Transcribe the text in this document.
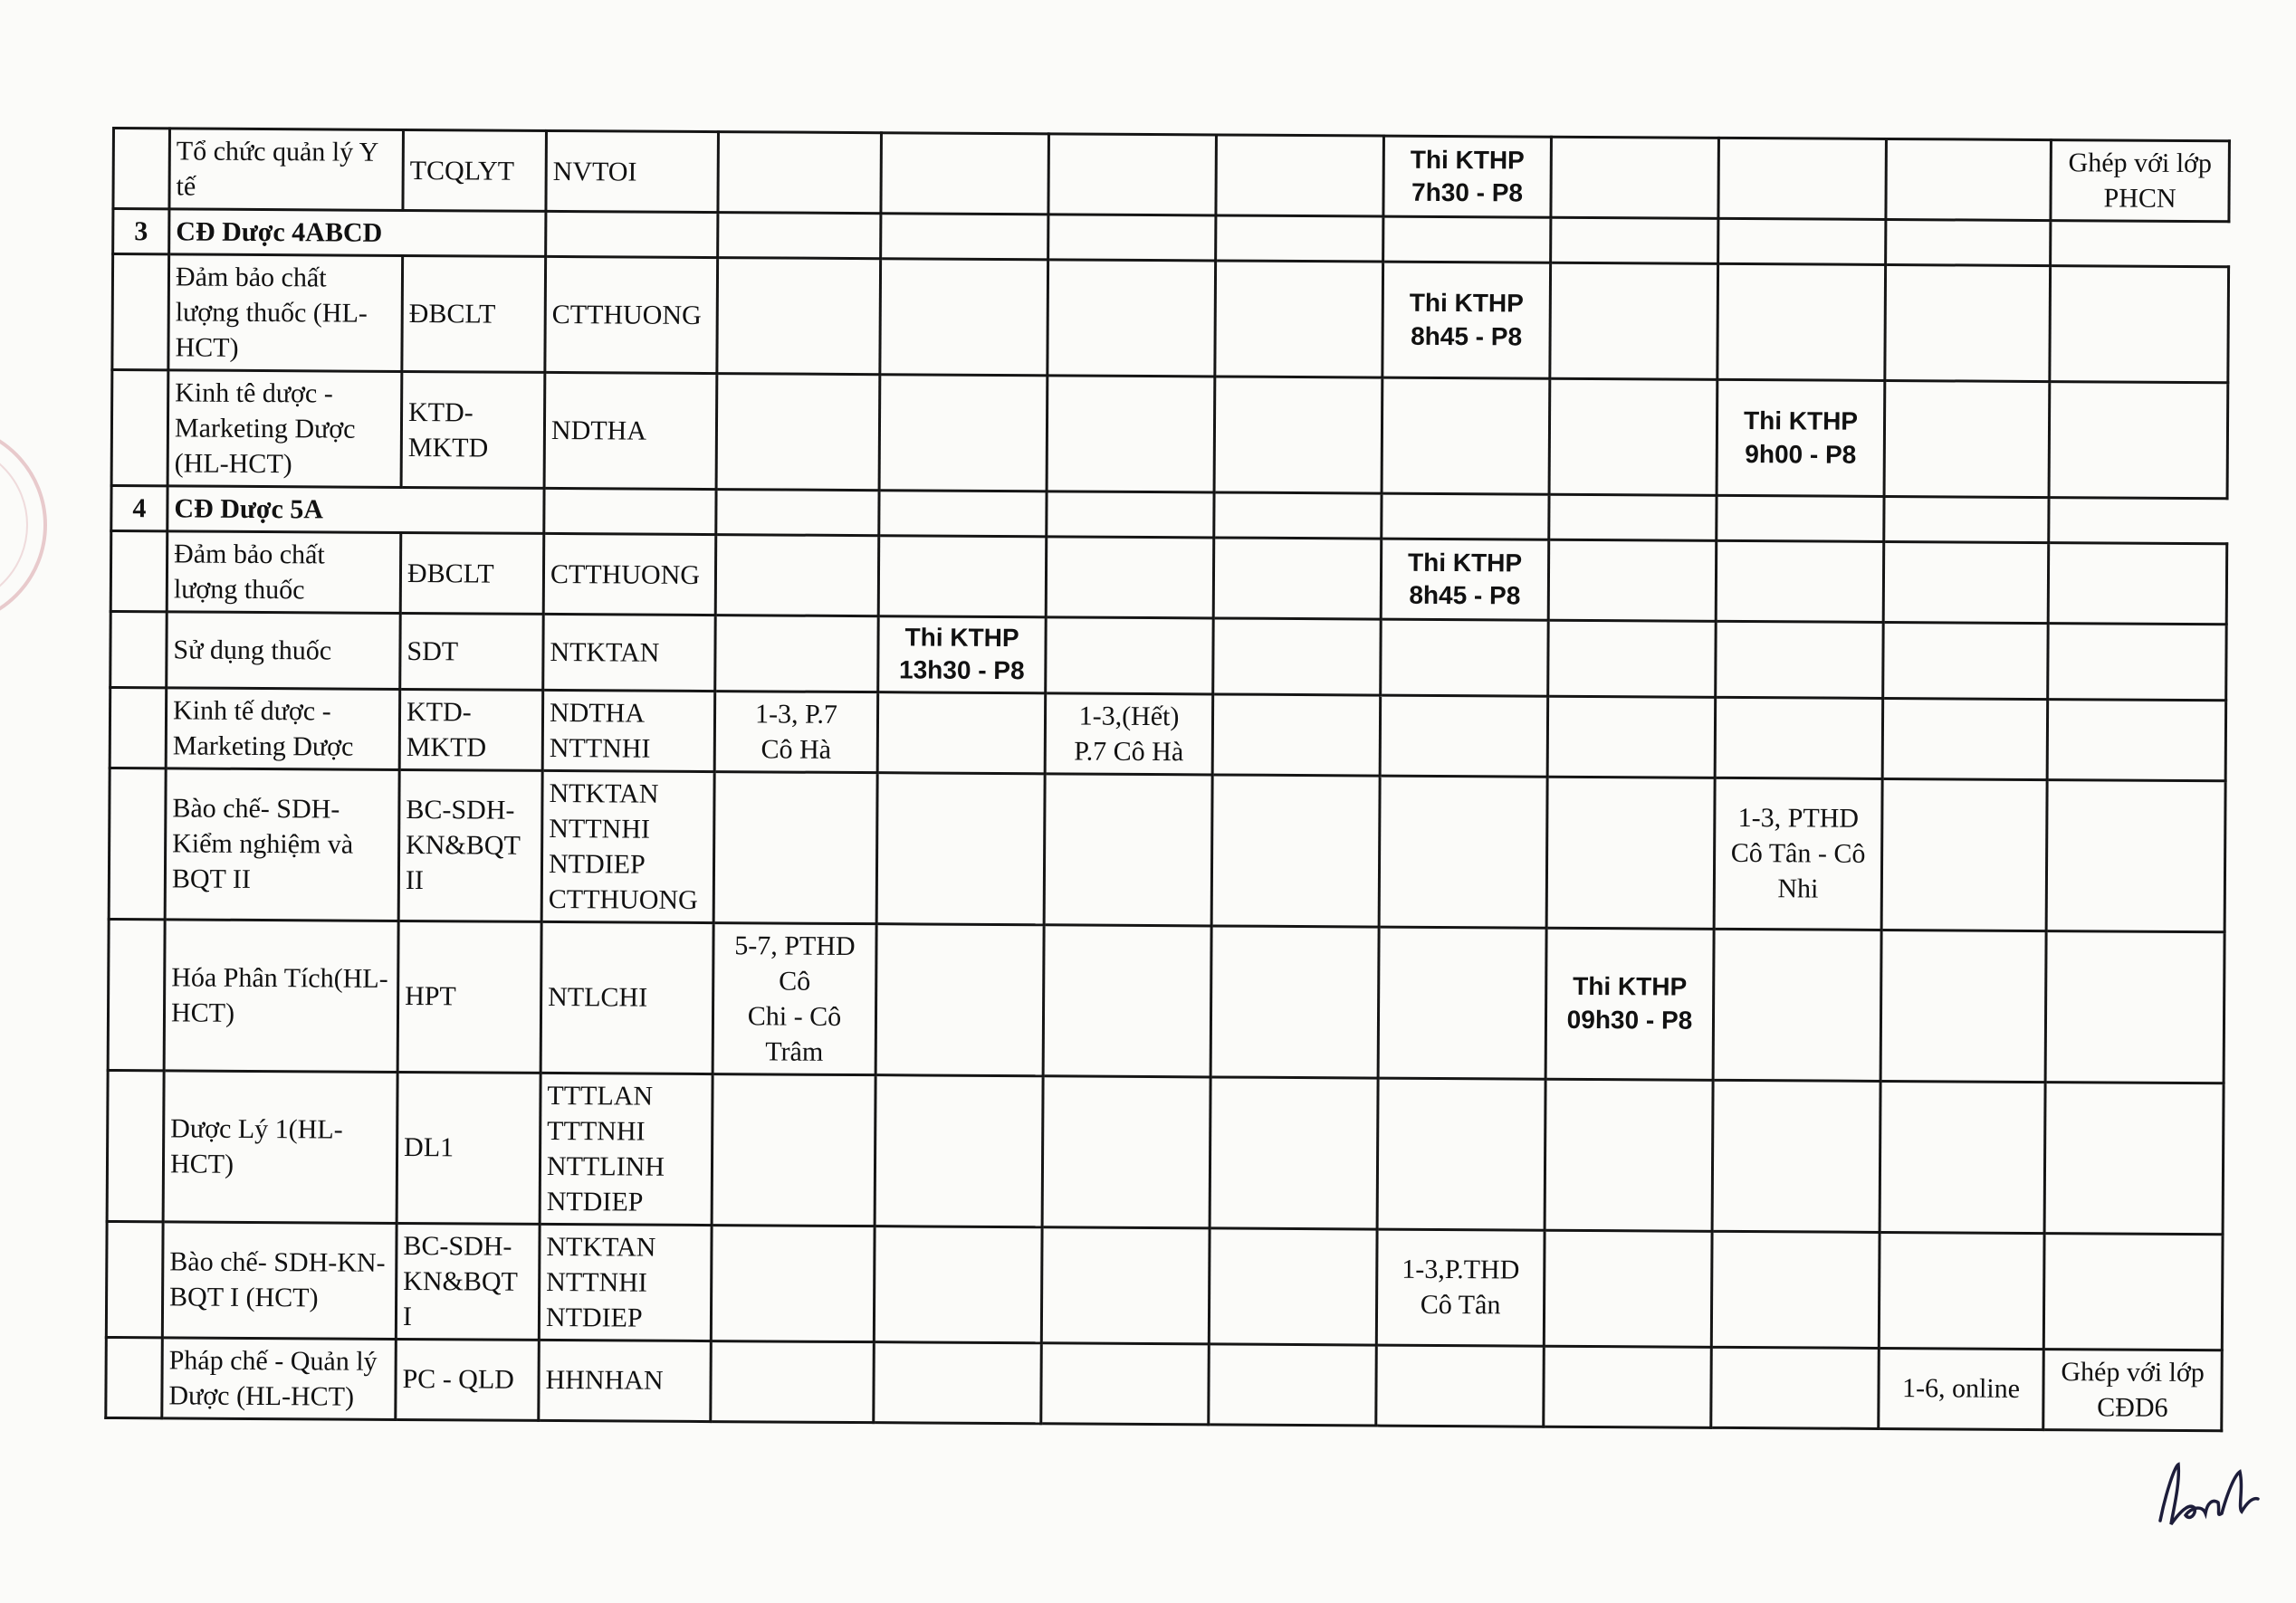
	Tổ chức quản lý Y tế	TCQLYT	NVTOI					Thi KTHP
7h30 - P8				Ghép với lớp
PHCN

3	CĐ Dược 4ABCD											
	Đảm bảo chất lượng thuốc (HL-HCT)	ĐBCLT	CTTHUONG					Thi KTHP
8h45 - P8				

	Kinh tê dược - Marketing Dược (HL-HCT)	KTD-MKTD	NDTHA							Thi KTHP
9h00 - P8		

4	CĐ Dược 5A											
	Đảm bảo chất lượng thuốc	ĐBCLT	CTTHUONG					Thi KTHP
8h45 - P8				

	Sử dụng thuốc	SDT	NTKTAN		Thi KTHP
13h30 - P8							

	Kinh tế dược - Marketing Dược	KTD-MKTD	NDTHA
NTTNHI	1-3, P.7
Cô Hà		1-3,(Hết)
P.7 Cô Hà						

	Bào chế- SDH-Kiểm nghiệm và BQT II	BC-SDH-KN&BQT II	NTKTAN
NTTNHI
NTDIEP
CTTHUONG							1-3, PTHD
Cô Tân - Cô
Nhi		

	Hóa Phân Tích(HL-HCT)	HPT	NTLCHI	5-7, PTHD Cô
Chi - Cô Trâm					Thi KTHP
09h30 - P8			

	Dược Lý 1(HL-HCT)	DL1	TTTLAN
TTTNHI
NTTLINH
NTDIEP									

	Bào chế- SDH-KN-BQT I (HCT)	BC-SDH-KN&BQT I	NTKTAN
NTTNHI
NTDIEP					1-3,P.THD
Cô Tân				

	Pháp chế - Quản lý Dược (HL-HCT)	PC - QLD	HHNHAN								1-6, online	Ghép với lớp
CĐD6
